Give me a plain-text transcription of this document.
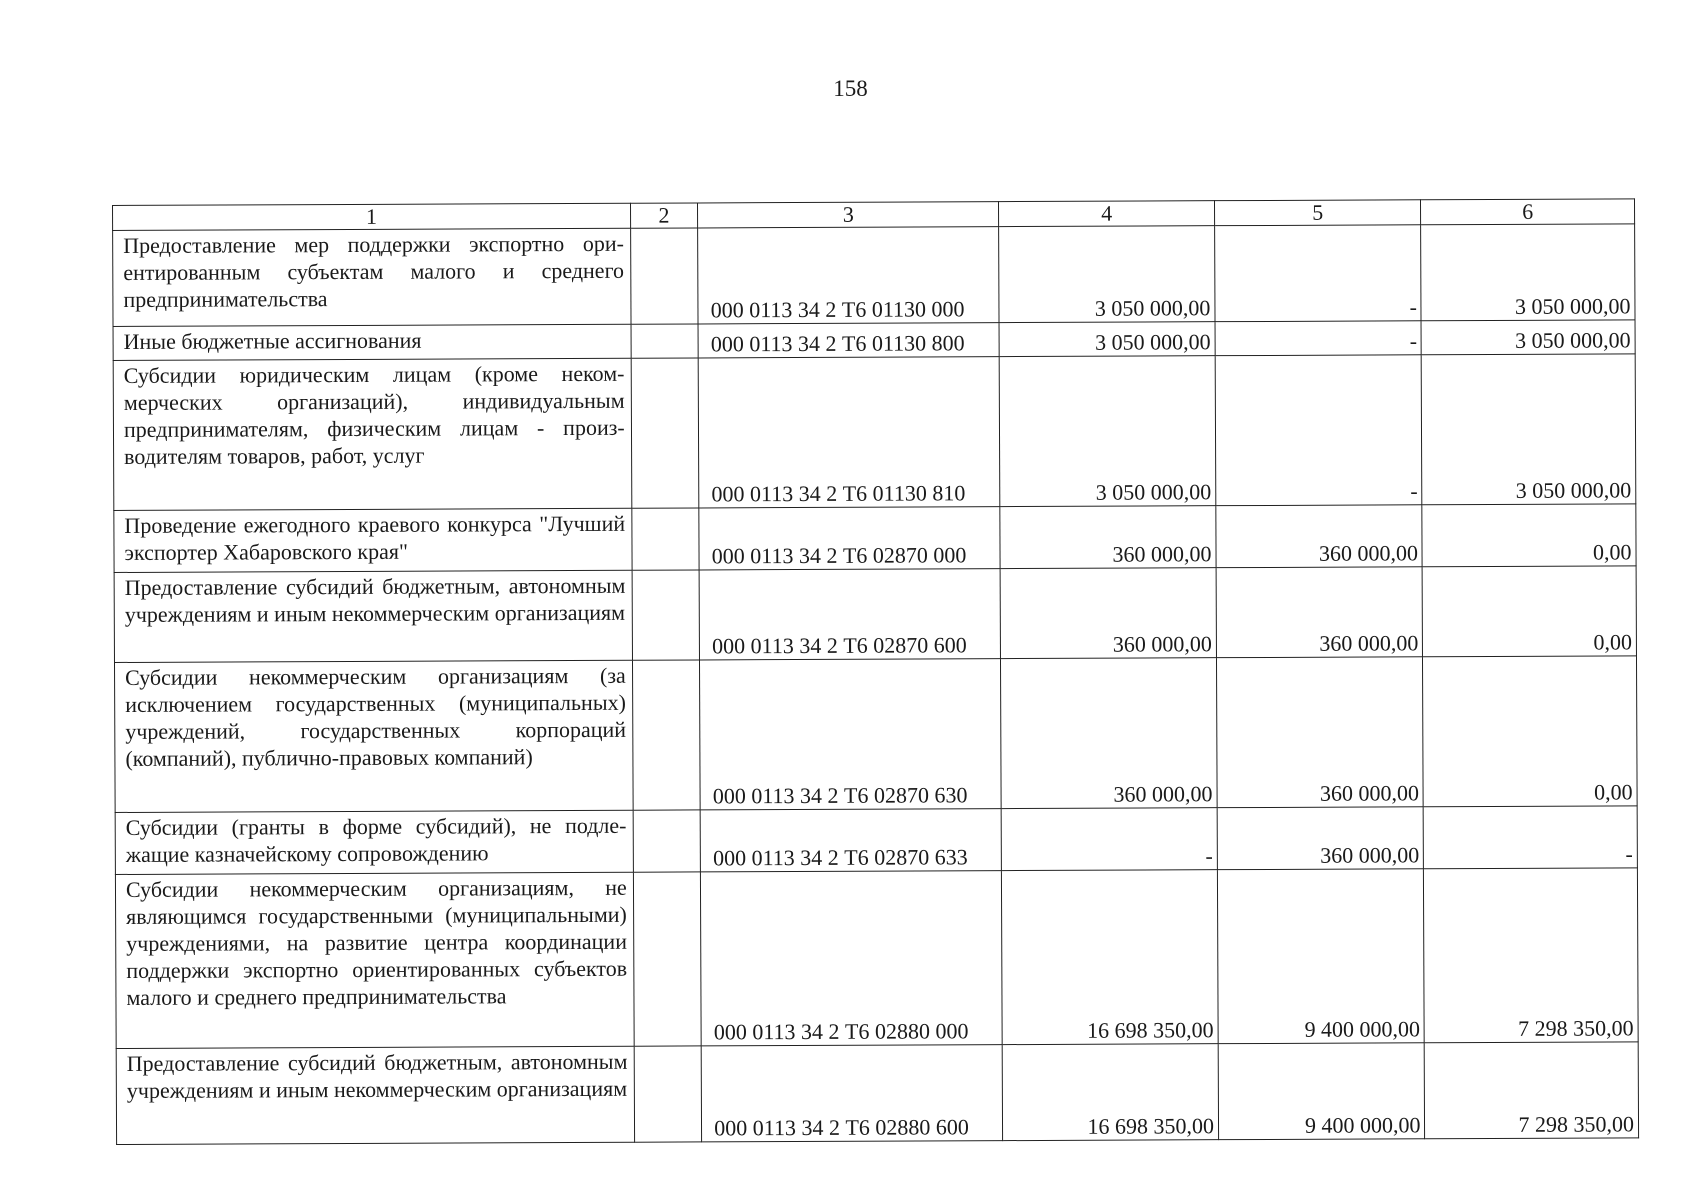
158
1	2	3	4	5	6
Предоставление мер поддержки экспортно ориентированным субъектам малого и среднего предпринимательства		000 0113 34 2 Т6 01130 000	3 050 000,00	-	3 050 000,00
Иные бюджетные ассигнования		000 0113 34 2 Т6 01130 800	3 050 000,00	-	3 050 000,00
Субсидии юридическим лицам (кроме некоммерческих организаций), индивидуальным предпринимателям, физическим лицам - производителям товаров, работ, услуг		000 0113 34 2 Т6 01130 810	3 050 000,00	-	3 050 000,00
Проведение ежегодного краевого конкурса "Лучший экспортер Хабаровского края"		000 0113 34 2 Т6 02870 000	360 000,00	360 000,00	0,00
Предоставление субсидий бюджетным, автономным учреждениям и иным некоммерческим организациям		000 0113 34 2 Т6 02870 600	360 000,00	360 000,00	0,00
Субсидии некоммерческим организациям (за исключением государственных (муниципальных) учреждений, государственных корпораций (компаний), публично-правовых компаний)		000 0113 34 2 Т6 02870 630	360 000,00	360 000,00	0,00
Субсидии (гранты в форме субсидий), не подлежащие казначейскому сопровождению		000 0113 34 2 Т6 02870 633	-	360 000,00	-
Субсидии некоммерческим организациям, не являющимся государственными (муниципальными) учреждениями, на развитие центра координации поддержки экспортно ориентированных субъектов малого и среднего предпринимательства		000 0113 34 2 Т6 02880 000	16 698 350,00	9 400 000,00	7 298 350,00
Предоставление субсидий бюджетным, автономным учреждениям и иным некоммерческим организациям		000 0113 34 2 Т6 02880 600	16 698 350,00	9 400 000,00	7 298 350,00
